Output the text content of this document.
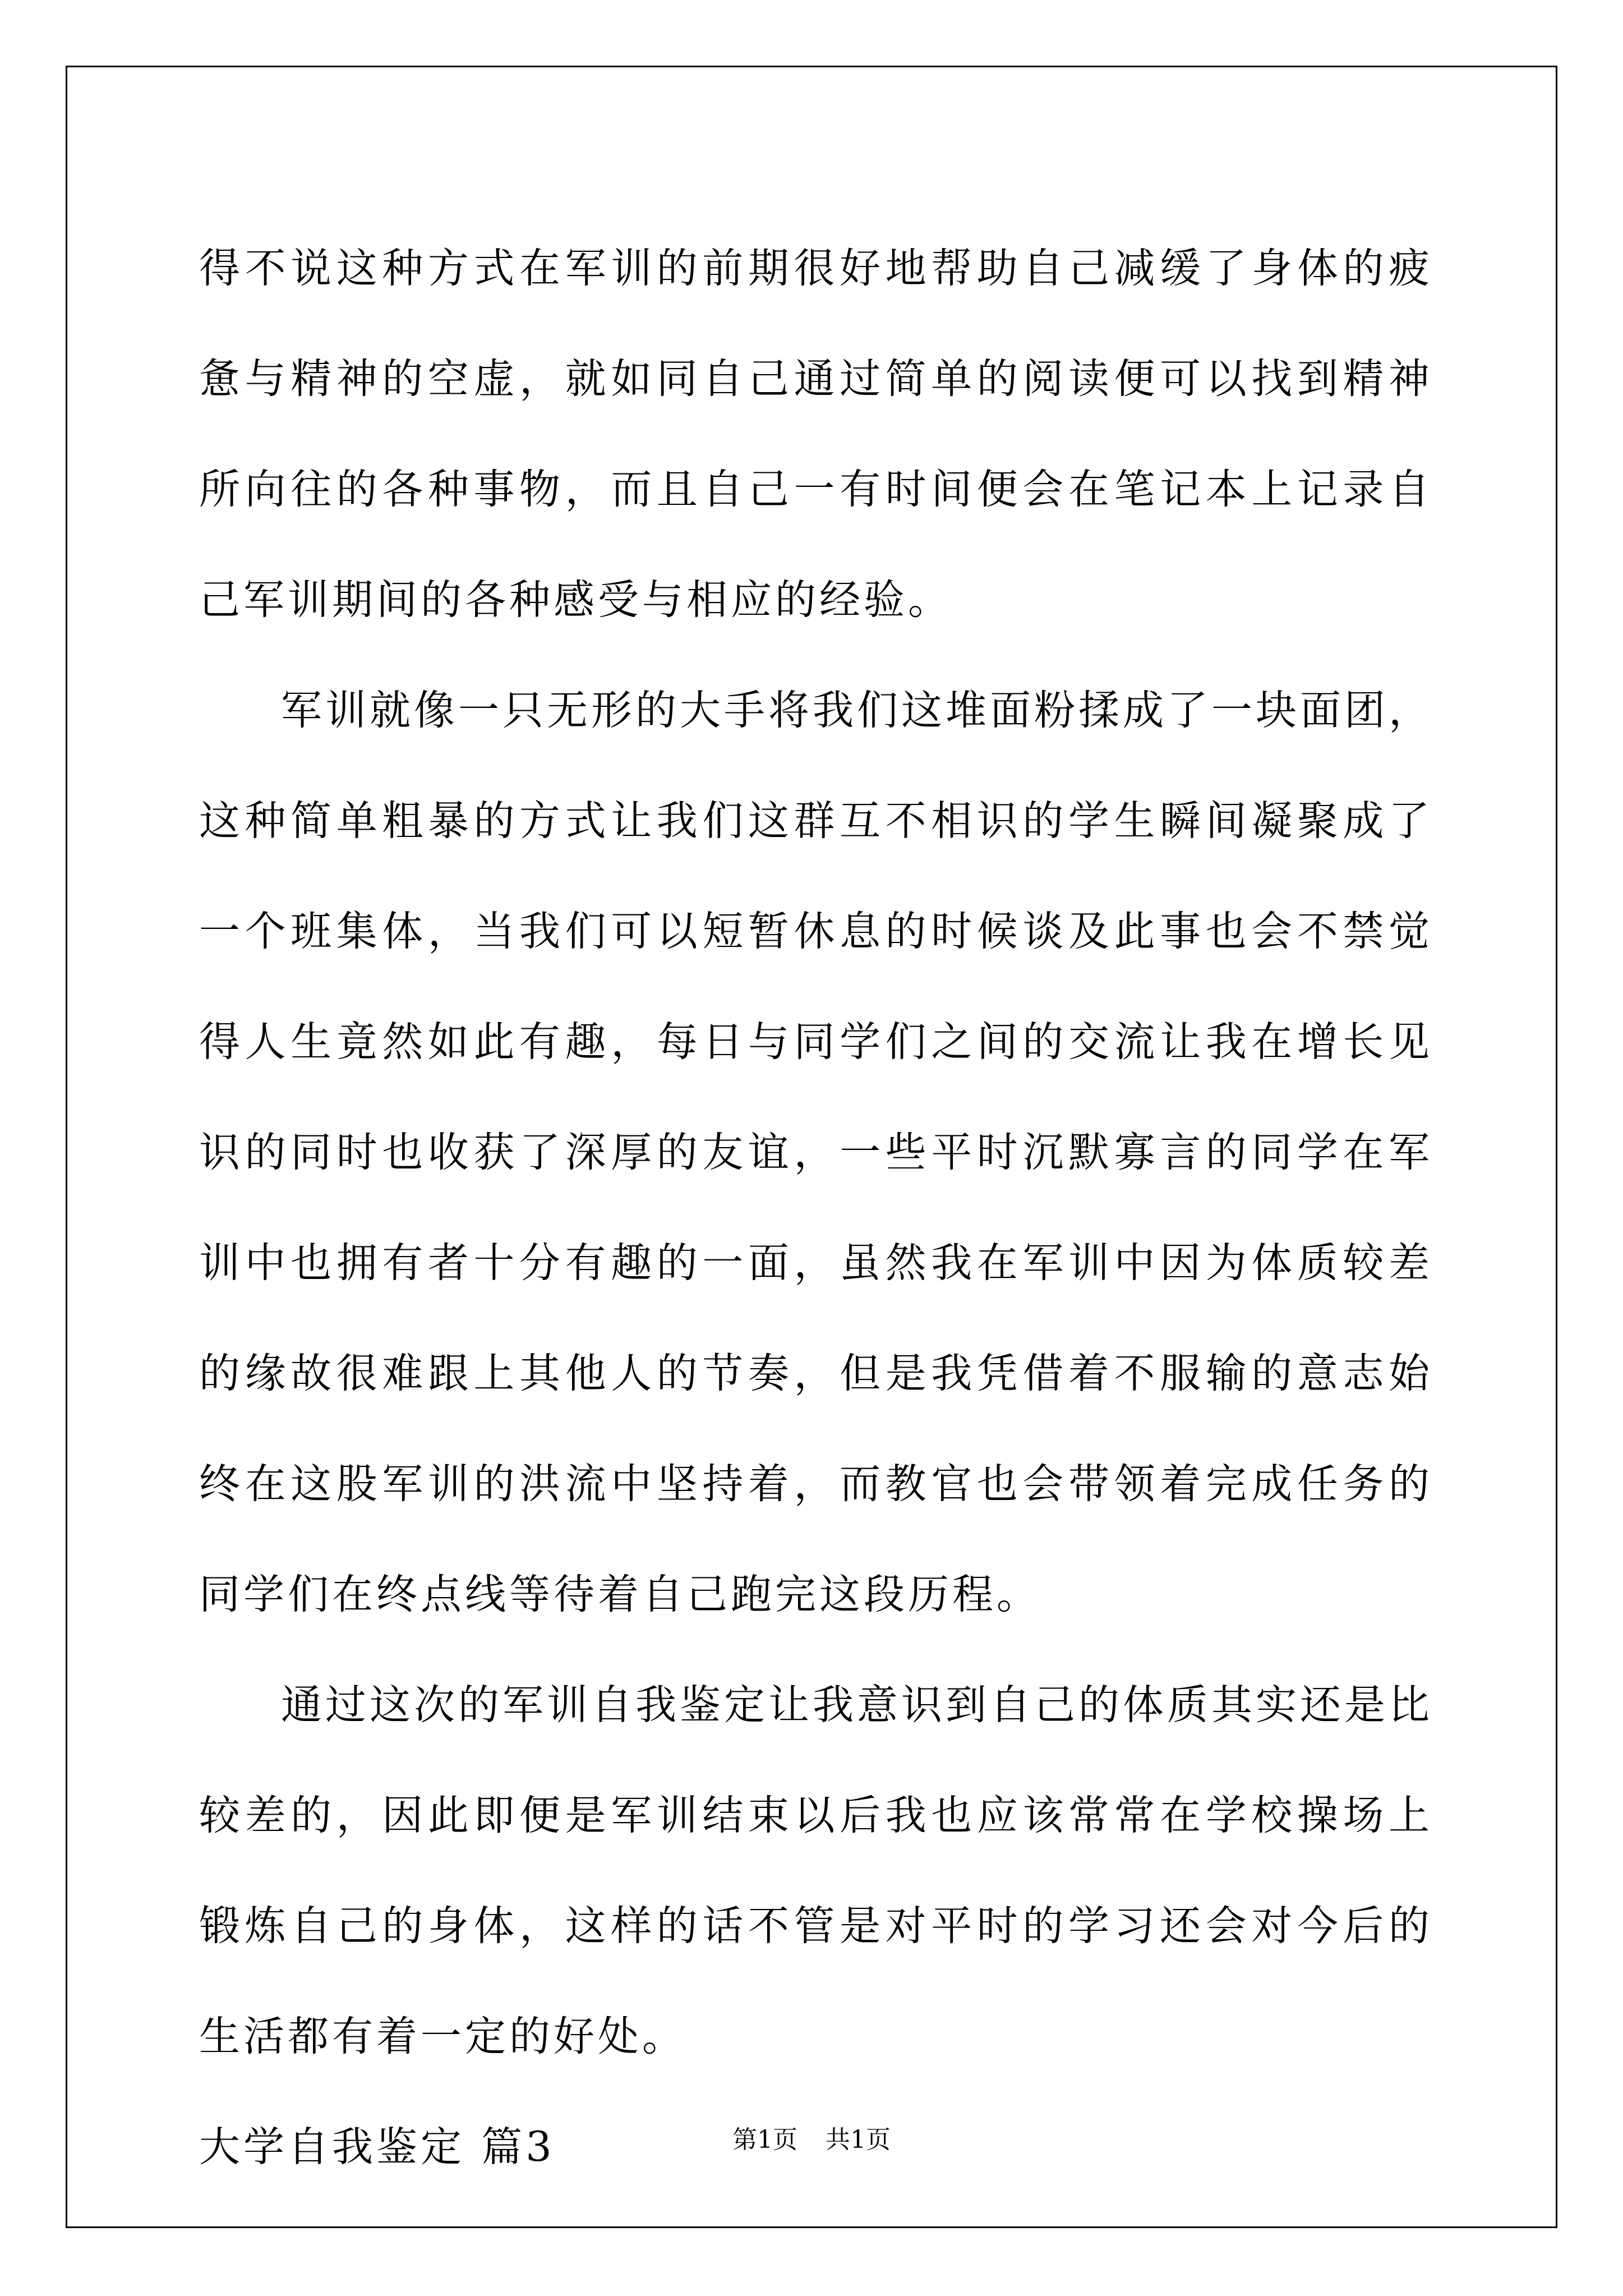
得不说这种方式在军训的前期很好地帮助自己减缓了身体的疲惫与精神的空虚，就如同自己通过简单的阅读便可以找到精神所向往的各种事物，而且自己一有时间便会在笔记本上记录自己军训期间的各种感受与相应的经验。

军训就像一只无形的大手将我们这堆面粉揉成了一块面团，这种简单粗暴的方式让我们这群互不相识的学生瞬间凝聚成了一个班集体，当我们可以短暂休息的时候谈及此事也会不禁觉得人生竟然如此有趣，每日与同学们之间的交流让我在增长见识的同时也收获了深厚的友谊，一些平时沉默寡言的同学在军训中也拥有者十分有趣的一面，虽然我在军训中因为体质较差的缘故很难跟上其他人的节奏，但是我凭借着不服输的意志始终在这股军训的洪流中坚持着，而教官也会带领着完成任务的同学们在终点线等待着自己跑完这段历程。

通过这次的军训自我鉴定让我意识到自己的体质其实还是比较差的，因此即便是军训结束以后我也应该常常在学校操场上锻炼自己的身体，这样的话不管是对平时的学习还会对今后的生活都有着一定的好处。

大学自我鉴定 篇3	第1页 共1页
